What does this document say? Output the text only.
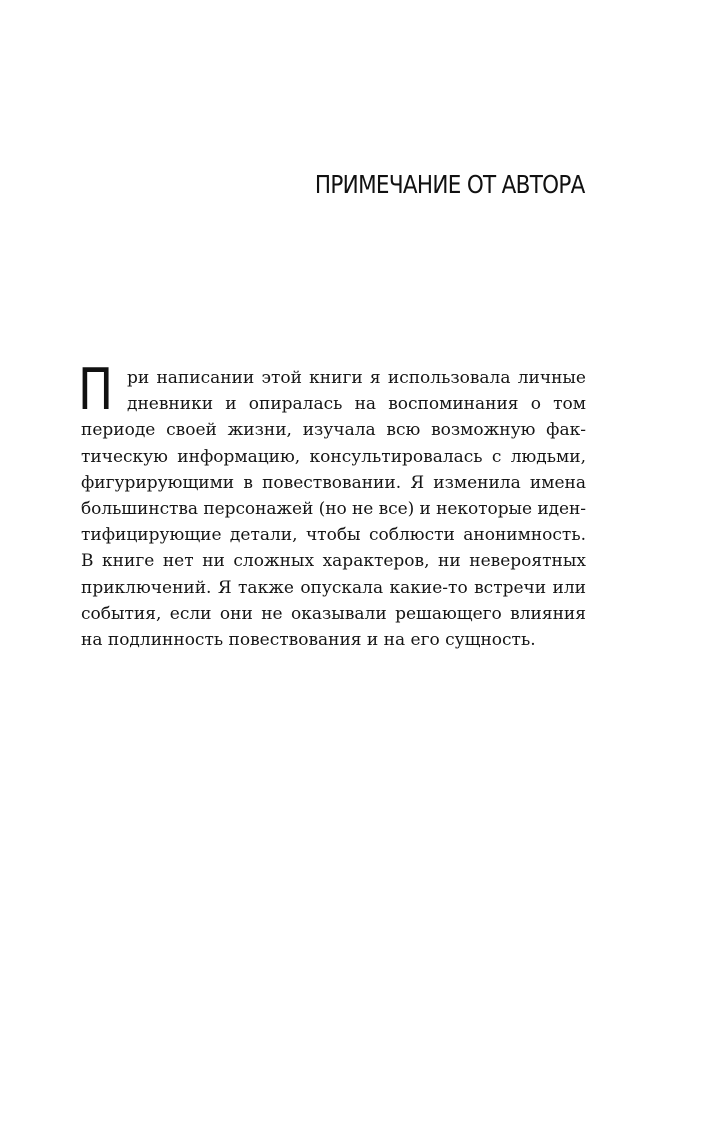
ПРИМЕЧАНИЕ ОТ АВТОРА
П ри написании этой книги я использовала личные
дневники и опиралась на воспоминания о том
периоде своей жизни, изучала всю возможную фак-
тическую информацию, консультировалась с людьми,
фигурирующими в повествовании. Я изменила имена
большинства персонажей (но не все) и некоторые иден-
тифицирующие детали, чтобы соблюсти анонимность.
В книге нет ни сложных характеров, ни невероятных
приключений. Я также опускала какие-то встречи или
события, если они не оказывали решающего влияния
на подлинность повествования и на его сущность.
